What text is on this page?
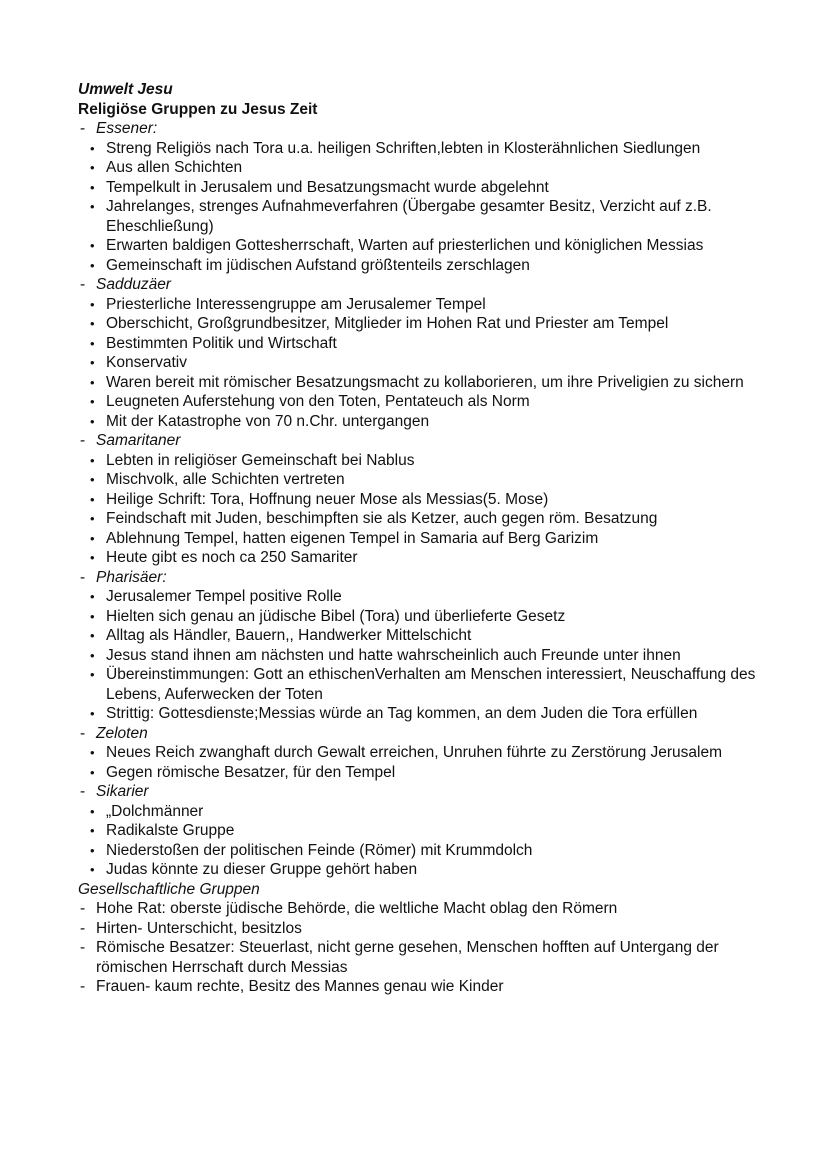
Umwelt Jesu
Religiöse Gruppen zu Jesus Zeit
- Essener:
• Streng Religiös nach Tora u.a. heiligen Schriften,lebten in Klosterähnlichen Siedlungen
• Aus allen Schichten
• Tempelkult in Jerusalem und Besatzungsmacht wurde abgelehnt
• Jahrelanges, strenges Aufnahmeverfahren (Übergabe gesamter Besitz, Verzicht auf z.B. Eheschließung)
• Erwarten baldigen Gottesherrschaft, Warten auf priesterlichen und königlichen Messias
• Gemeinschaft im jüdischen Aufstand größtenteils zerschlagen
- Sadduzäer
• Priesterliche Interessengruppe am Jerusalemer Tempel
• Oberschicht, Großgrundbesitzer, Mitglieder im Hohen Rat und Priester am Tempel
• Bestimmten Politik und Wirtschaft
• Konservativ
• Waren bereit mit römischer Besatzungsmacht zu kollaborieren, um ihre Priveligien zu sichern
• Leugneten Auferstehung von den Toten, Pentateuch als Norm
• Mit der Katastrophe von 70 n.Chr. untergangen
- Samaritaner
• Lebten in religiöser Gemeinschaft bei Nablus
• Mischvolk, alle Schichten vertreten
• Heilige Schrift: Tora, Hoffnung neuer Mose als Messias(5. Mose)
• Feindschaft mit Juden, beschimpften sie als Ketzer, auch gegen röm. Besatzung
• Ablehnung Tempel, hatten eigenen Tempel in Samaria auf Berg Garizim
• Heute gibt es noch ca 250 Samariter
- Pharisäer:
• Jerusalemer Tempel positive Rolle
• Hielten sich genau an jüdische Bibel (Tora) und überlieferte Gesetz
• Alltag als Händler, Bauern,, Handwerker Mittelschicht
• Jesus stand ihnen am nächsten und hatte wahrscheinlich auch Freunde unter ihnen
• Übereinstimmungen: Gott an ethischenVerhalten am Menschen interessiert, Neuschaffung des Lebens, Auferwecken der Toten
• Strittig: Gottesdienste;Messias würde an Tag kommen, an dem Juden die Tora erfüllen
- Zeloten
• Neues Reich zwanghaft durch Gewalt erreichen, Unruhen führte zu Zerstörung Jerusalem
• Gegen römische Besatzer, für den Tempel
- Sikarier
• „Dolchmänner
• Radikalste Gruppe
• Niederstoßen der politischen Feinde (Römer) mit Krummdolch
• Judas könnte zu dieser Gruppe gehört haben
Gesellschaftliche Gruppen
- Hohe Rat: oberste jüdische Behörde, die weltliche Macht oblag den Römern
- Hirten- Unterschicht, besitzlos
- Römische Besatzer: Steuerlast, nicht gerne gesehen, Menschen hofften auf Untergang der römischen Herrschaft durch Messias
- Frauen- kaum rechte, Besitz des Mannes genau wie Kinder
